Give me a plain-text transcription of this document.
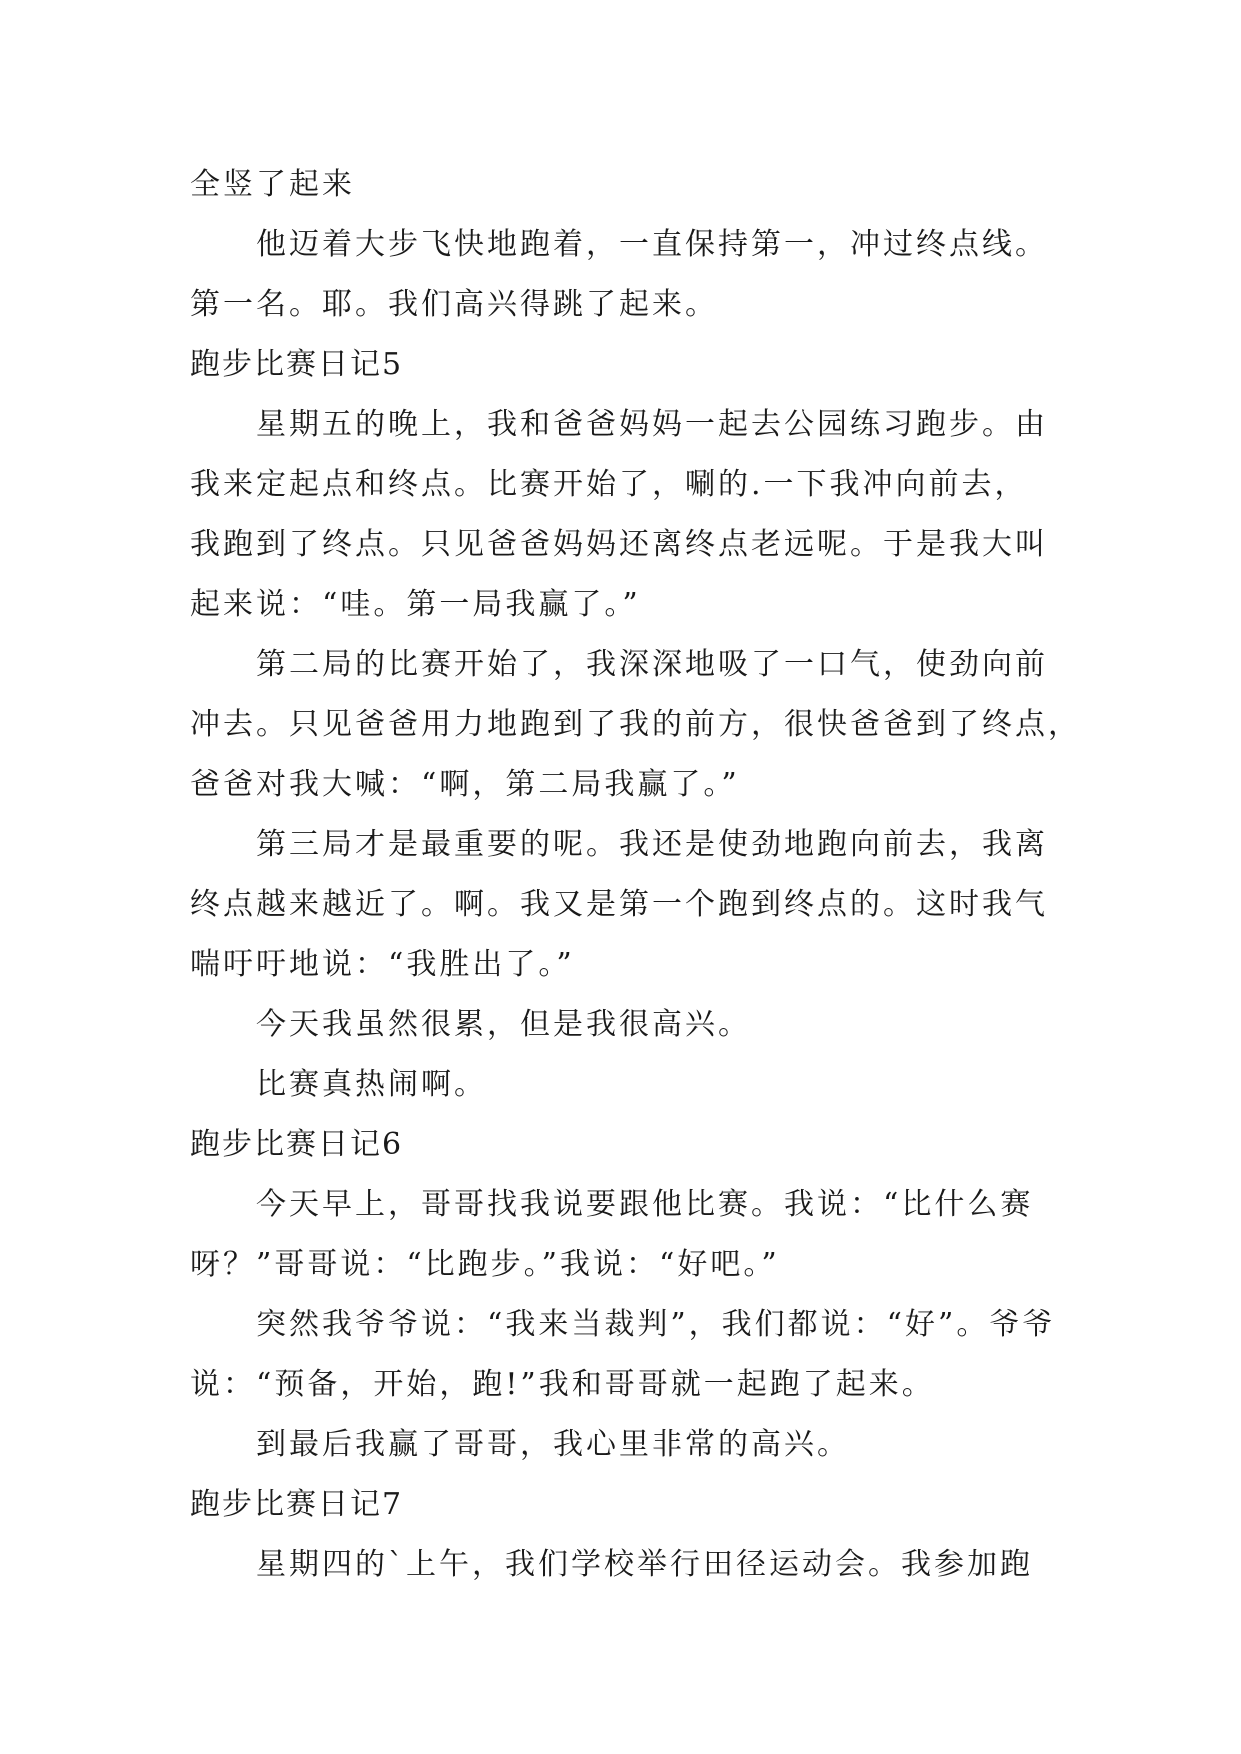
全竖了起来

他迈着大步飞快地跑着，一直保持第一，冲过终点线。

第一名。耶。我们高兴得跳了起来。

跑步比赛日记5

星期五的晚上，我和爸爸妈妈一起去公园练习跑步。由

我来定起点和终点。比赛开始了，唰的.一下我冲向前去，

我跑到了终点。只见爸爸妈妈还离终点老远呢。于是我大叫

起来说：“哇。第一局我赢了。”

第二局的比赛开始了，我深深地吸了一口气，使劲向前

冲去。只见爸爸用力地跑到了我的前方，很快爸爸到了终点，

爸爸对我大喊：“啊，第二局我赢了。”

第三局才是最重要的呢。我还是使劲地跑向前去，我离

终点越来越近了。啊。我又是第一个跑到终点的。这时我气

喘吁吁地说：“我胜出了。”

今天我虽然很累，但是我很高兴。

比赛真热闹啊。

跑步比赛日记6

今天早上，哥哥找我说要跟他比赛。我说：“比什么赛

呀？”哥哥说：“比跑步。”我说：“好吧。”

突然我爷爷说：“我来当裁判”，我们都说：“好”。爷爷

说：“预备，开始，跑!”我和哥哥就一起跑了起来。

到最后我赢了哥哥，我心里非常的高兴。

跑步比赛日记7

星期四的`上午，我们学校举行田径运动会。我参加跑
